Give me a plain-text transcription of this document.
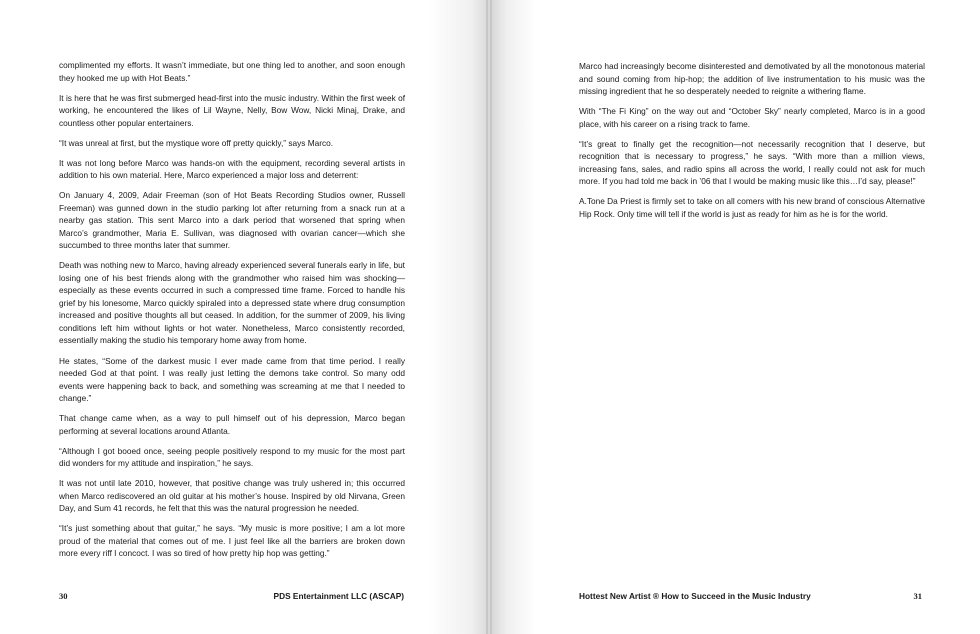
complimented my efforts. It wasn’t immediate, but one thing led to another, and soon enough they hooked me up with Hot Beats.”

It is here that he was first submerged head-first into the music industry. Within the first week of working, he encountered the likes of Lil Wayne, Nelly, Bow Wow, Nicki Minaj, Drake, and countless other popular entertainers.

“It was unreal at first, but the mystique wore off pretty quickly,” says Marco.

It was not long before Marco was hands-on with the equipment, recording several artists in addition to his own material. Here, Marco experienced a major loss and deterrent:

On January 4, 2009, Adair Freeman (son of Hot Beats Recording Studios owner, Russell Freeman) was gunned down in the studio parking lot after returning from a snack run at a nearby gas station. This sent Marco into a dark period that worsened that spring when Marco’s grandmother, Maria E. Sullivan, was diagnosed with ovarian cancer—which she succumbed to three months later that summer.

Death was nothing new to Marco, having already experienced several funerals early in life, but losing one of his best friends along with the grandmother who raised him was shocking—especially as these events occurred in such a compressed time frame. Forced to handle his grief by his lonesome, Marco quickly spiraled into a depressed state where drug consumption increased and positive thoughts all but ceased. In addition, for the summer of 2009, his living conditions left him without lights or hot water. Nonetheless, Marco consistently recorded, essentially making the studio his temporary home away from home.

He states, “Some of the darkest music I ever made came from that time period. I really needed God at that point. I was really just letting the demons take control. So many odd events were happening back to back, and something was screaming at me that I needed to change.”

That change came when, as a way to pull himself out of his depression, Marco began performing at several locations around Atlanta.

“Although I got booed once, seeing people positively respond to my music for the most part did wonders for my attitude and inspiration,” he says.

It was not until late 2010, however, that positive change was truly ushered in; this occurred when Marco rediscovered an old guitar at his mother’s house. Inspired by old Nirvana, Green Day, and Sum 41 records, he felt that this was the natural progression he needed.

“It’s just something about that guitar,” he says. “My music is more positive; I am a lot more proud of the material that comes out of me. I just feel like all the barriers are broken down more every riff I concoct. I was so tired of how pretty hip hop was getting.”

30	PDS Entertainment LLC (ASCAP)

Marco had increasingly become disinterested and demotivated by all the monotonous material and sound coming from hip-hop; the addition of live instrumentation to his music was the missing ingredient that he so desperately needed to reignite a withering flame.

With “The Fi King” on the way out and “October Sky” nearly completed, Marco is in a good place, with his career on a rising track to fame.

“It’s great to finally get the recognition—not necessarily recognition that I deserve, but recognition that is necessary to progress,” he says. “With more than a million views, increasing fans, sales, and radio spins all across the world, I really could not ask for much more. If you had told me back in ’06 that I would be making music like this…I’d say, please!”

A.Tone Da Priest is firmly set to take on all comers with his new brand of conscious Alternative Hip Rock. Only time will tell if the world is just as ready for him as he is for the world.

Hottest New Artist ® How to Succeed in the Music Industry	31
